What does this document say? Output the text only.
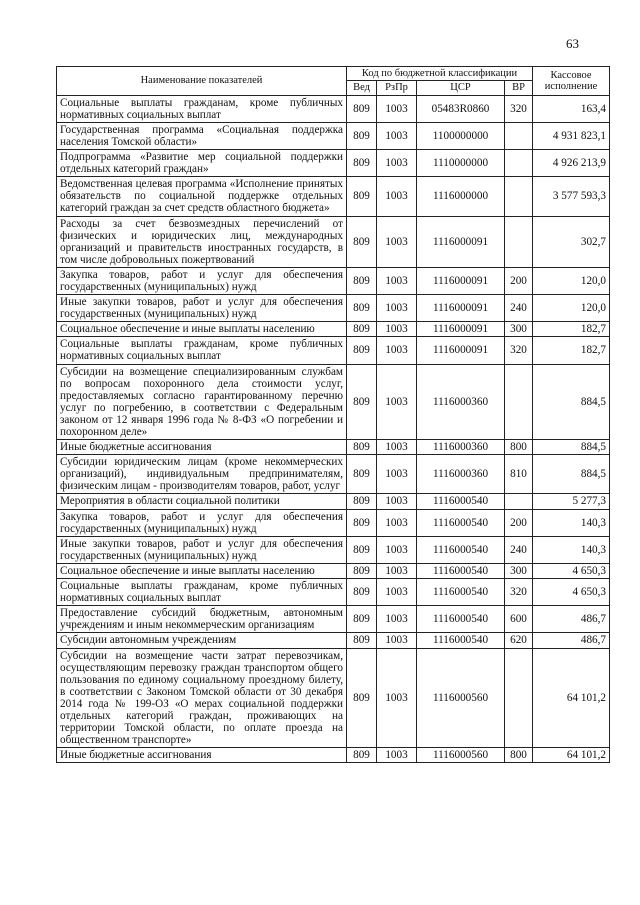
63
Наименование показателей	Код по бюджетной классификации				Кассовое исполнение
	Вед	РзПр	ЦСР	ВР	
Социальные выплаты гражданам, кроме публичных нормативных социальных выплат	809	1003	05483R0860	320	163,4
Государственная программа «Социальная поддержка населения Томской области»	809	1003	1100000000		4 931 823,1
Подпрограмма «Развитие мер социальной поддержки отдельных категорий граждан»	809	1003	1110000000		4 926 213,9
Ведомственная целевая программа «Исполнение принятых обязательств по социальной поддержке отдельных категорий граждан за счет средств областного бюджета»	809	1003	1116000000		3 577 593,3
Расходы за счет безвозмездных перечислений от физических и юридических лиц, международных организаций и правительств иностранных государств, в том числе добровольных пожертвований	809	1003	1116000091		302,7
Закупка товаров, работ и услуг для обеспечения государственных (муниципальных) нужд	809	1003	1116000091	200	120,0
Иные закупки товаров, работ и услуг для обеспечения государственных (муниципальных) нужд	809	1003	1116000091	240	120,0
Социальное обеспечение и иные выплаты населению	809	1003	1116000091	300	182,7
Социальные выплаты гражданам, кроме публичных нормативных социальных выплат	809	1003	1116000091	320	182,7
Субсидии на возмещение специализированным службам по вопросам похоронного дела стоимости услуг, предоставляемых согласно гарантированному перечню услуг по погребению, в соответствии с Федеральным законом от 12 января 1996 года № 8-ФЗ «О погребении и похоронном деле»	809	1003	1116000360		884,5
Иные бюджетные ассигнования	809	1003	1116000360	800	884,5
Субсидии юридическим лицам (кроме некоммерческих организаций), индивидуальным предпринимателям, физическим лицам - производителям товаров, работ, услуг	809	1003	1116000360	810	884,5
Мероприятия в области социальной политики	809	1003	1116000540		5 277,3
Закупка товаров, работ и услуг для обеспечения государственных (муниципальных) нужд	809	1003	1116000540	200	140,3
Иные закупки товаров, работ и услуг для обеспечения государственных (муниципальных) нужд	809	1003	1116000540	240	140,3
Социальное обеспечение и иные выплаты населению	809	1003	1116000540	300	4 650,3
Социальные выплаты гражданам, кроме публичных нормативных социальных выплат	809	1003	1116000540	320	4 650,3
Предоставление субсидий бюджетным, автономным учреждениям и иным некоммерческим организациям	809	1003	1116000540	600	486,7
Субсидии автономным учреждениям	809	1003	1116000540	620	486,7
Субсидии на возмещение части затрат перевозчикам, осуществляющим перевозку граждан транспортом общего пользования по единому социальному проездному билету, в соответствии с Законом Томской области от 30 декабря 2014 года № 199-ОЗ «О мерах социальной поддержки отдельных категорий граждан, проживающих на территории Томской области, по оплате проезда на общественном транспорте»	809	1003	1116000560		64 101,2
Иные бюджетные ассигнования	809	1003	1116000560	800	64 101,2
